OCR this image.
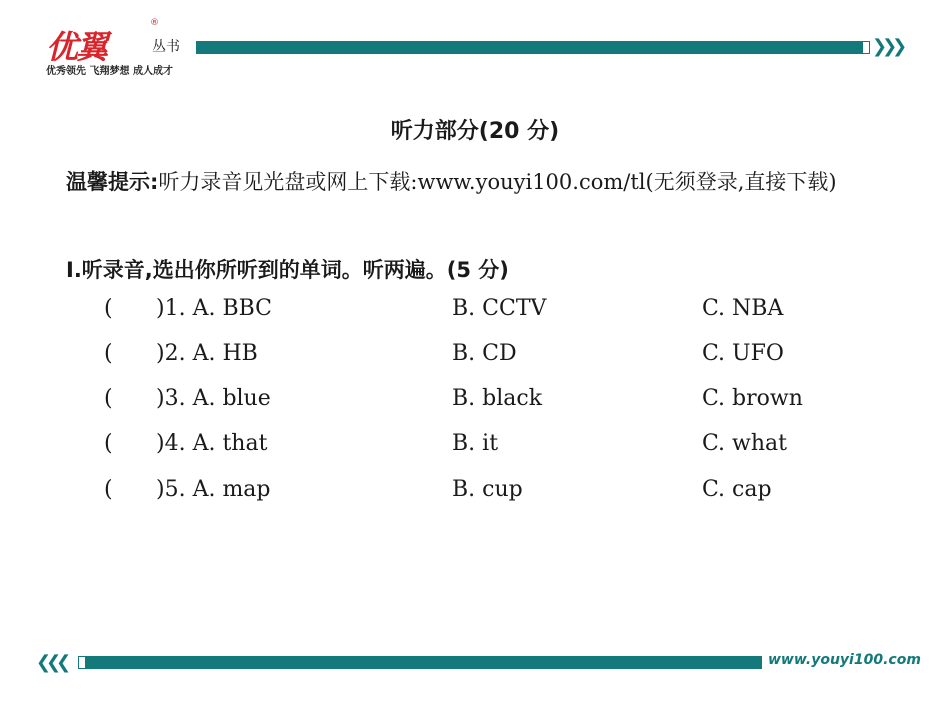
优翼
®
丛书
优秀领先 飞翔梦想 成人成才
❯❯❯
听力部分(20 分)
温馨提示:听力录音见光盘或网上下载:www.youyi100.com/tl(无须登录,直接下载)
Ⅰ.听录音,选出你所听到的单词。听两遍。(5 分)
( )1. A. BBC	B. CCTV	C. NBA
( )2. A. HB	B. CD	C. UFO
( )3. A. blue	B. black	C. brown
( )4. A. that	B. it	C. what
( )5. A. map	B. cup	C. cap
❮❮❮	www.youyi100.com
